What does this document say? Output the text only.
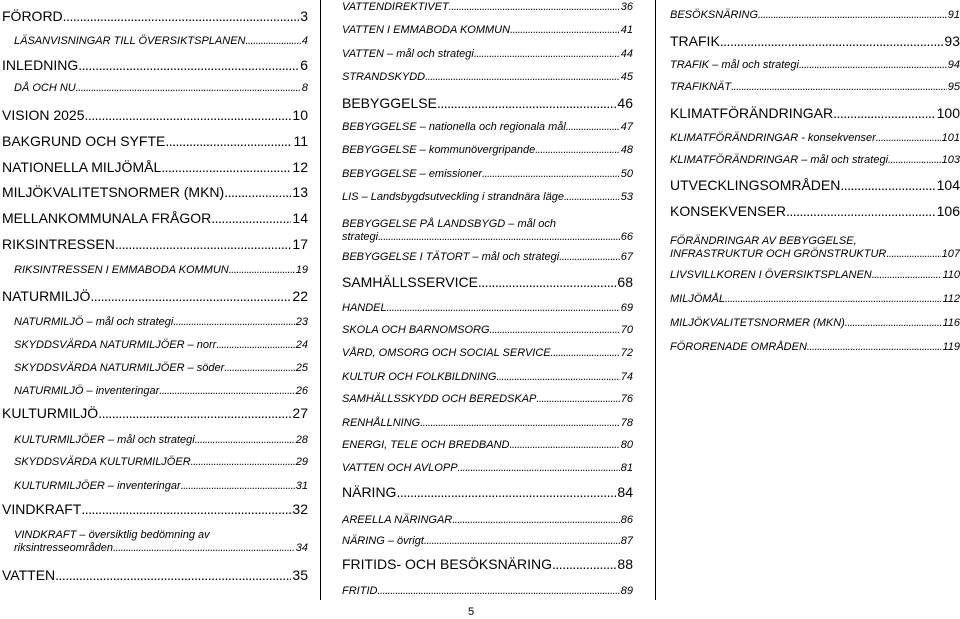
FÖRORD .....	3
LÄSANVISNINGAR TILL ÖVERSIKTSPLANEN .....	4
INLEDNING .....	6
DÅ OCH NU .....	8
VISION 2025 .....	10
BAKGRUND OCH SYFTE .....	11
NATIONELLA MILJÖMÅL .....	12
MILJÖKVALITETSNORMER (MKN) .....	13
MELLANKOMMUNALA FRÅGOR .....	14
RIKSINTRESSEN .....	17
RIKSINTRESSEN I EMMABODA KOMMUN .....	19
NATURMILJÖ .....	22
NATURMILJÖ – mål och strategi .....	23
SKYDDSVÄRDA NATURMILJÖER – norr .....	24
SKYDDSVÄRDA NATURMILJÖER – söder .....	25
NATURMILJÖ – inventeringar .....	26
KULTURMILJÖ .....	27
KULTURMILJÖER – mål och strategi .....	28
SKYDDSVÄRDA KULTURMILJÖER .....	29
KULTURMILJÖER – inventeringar .....	31
VINDKRAFT .....	32
VINDKRAFT – översiktlig bedömning av
riksintresseområden .....	34
VATTEN .....	35
VATTENDIREKTIVET .....	36
VATTEN I EMMABODA KOMMUN .....	41
VATTEN – mål och strategi .....	44
STRANDSKYDD .....	45
BEBYGGELSE .....	46
BEBYGGELSE – nationella och regionala mål .....	47
BEBYGGELSE – kommunövergripande .....	48
BEBYGGELSE – emissioner .....	50
LIS – Landsbygdsutveckling i strandnära läge .....	53
BEBYGGELSE PÅ LANDSBYGD – mål och
strategi .....	66
BEBYGGELSE I TÄTORT – mål och strategi .....	67
SAMHÄLLSSERVICE .....	68
HANDEL .....	69
SKOLA OCH BARNOMSORG .....	70
VÅRD, OMSORG OCH SOCIAL SERVICE .....	72
KULTUR OCH FOLKBILDNING .....	74
SAMHÄLLSSKYDD OCH BEREDSKAP .....	76
RENHÅLLNING .....	78
ENERGI, TELE OCH BREDBAND .....	80
VATTEN OCH AVLOPP .....	81
NÄRING .....	84
AREELLA NÄRINGAR .....	86
NÄRING – övrigt .....	87
FRITIDS- OCH BESÖKSNÄRING .....	88
FRITID .....	89
BESÖKSNÄRING .....	91
TRAFIK .....	93
TRAFIK – mål och strategi .....	94
TRAFIKNÄT .....	95
KLIMATFÖRÄNDRINGAR .....	100
KLIMATFÖRÄNDRINGAR - konsekvenser .....	101
KLIMATFÖRÄNDRINGAR – mål och strategi .....	103
UTVECKLINGSOMRÅDEN .....	104
KONSEKVENSER .....	106
FÖRÄNDRINGAR AV BEBYGGELSE,
INFRASTRUKTUR OCH GRÖNSTRUKTUR .....	107
LIVSVILLKOREN I ÖVERSIKTSPLANEN .....	110
MILJÖMÅL .....	112
MILJÖKVALITETSNORMER (MKN) .....	116
FÖRORENADE OMRÅDEN .....	119
5
